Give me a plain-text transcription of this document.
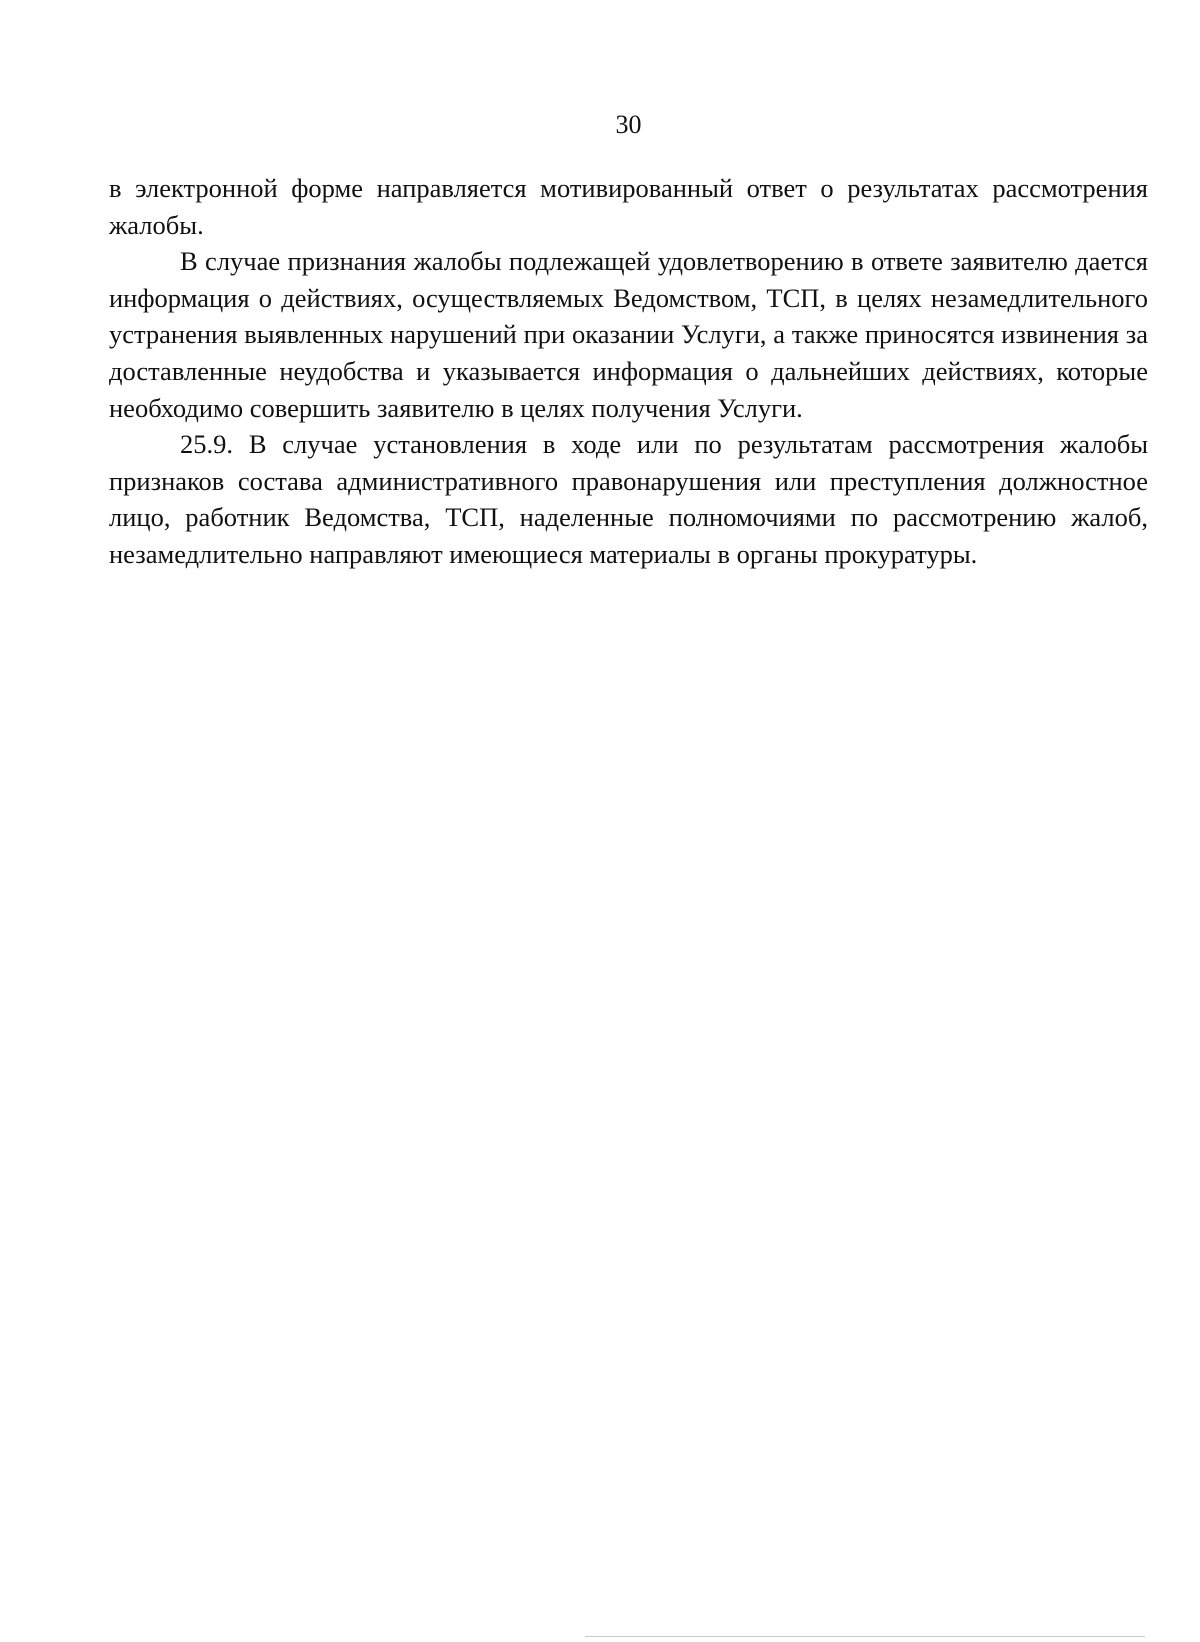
30

в электронной форме направляется мотивированный ответ о результатах рассмотрения жалобы.

В случае признания жалобы подлежащей удовлетворению в ответе заявителю дается информация о действиях, осуществляемых Ведомством, ТСП, в целях незамедлительного устранения выявленных нарушений при оказании Услуги, а также приносятся извинения за доставленные неудобства и указывается информация о дальнейших действиях, которые необходимо совершить заявителю в целях получения Услуги.

25.9. В случае установления в ходе или по результатам рассмотрения жалобы признаков состава административного правонарушения или преступления должностное лицо, работник Ведомства, ТСП, наделенные полномочиями по рассмотрению жалоб, незамедлительно направляют имеющиеся материалы в органы прокуратуры.
